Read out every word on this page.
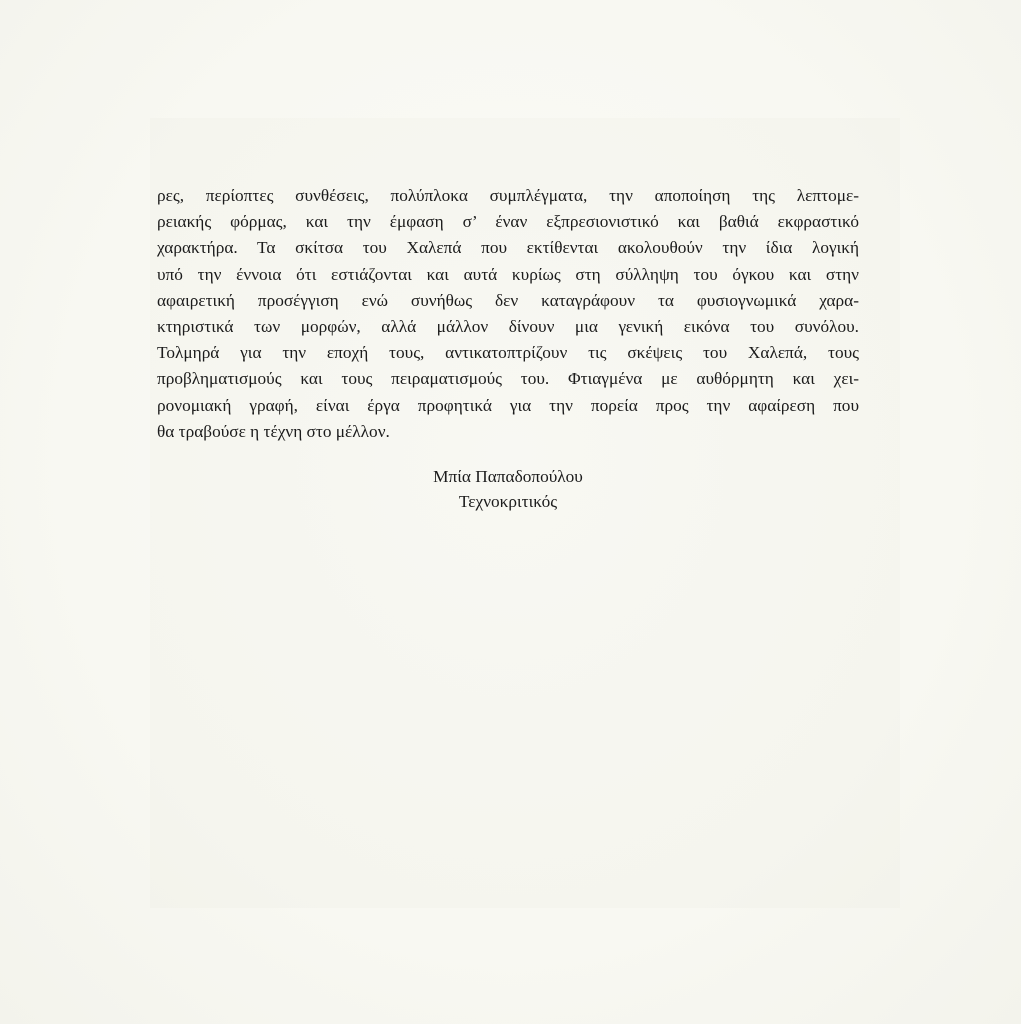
ρες, περίοπτες συνθέσεις, πολύπλοκα συμπλέγματα, την αποποίηση της λεπτομε-
ρειακής φόρμας, και την έμφαση σ’ έναν εξπρεσιονιστικό και βαθιά εκφραστικό
χαρακτήρα. Τα σκίτσα του Χαλεπά που εκτίθενται ακολουθούν την ίδια λογική
υπό την έννοια ότι εστιάζονται και αυτά κυρίως στη σύλληψη του όγκου και στην
αφαιρετική προσέγγιση ενώ συνήθως δεν καταγράφουν τα φυσιογνωμικά χαρα-
κτηριστικά των μορφών, αλλά μάλλον δίνουν μια γενική εικόνα του συνόλου.
Τολμηρά για την εποχή τους, αντικατοπτρίζουν τις σκέψεις του Χαλεπά, τους
προβληματισμούς και τους πειραματισμούς του. Φτιαγμένα με αυθόρμητη και χει-
ρονομιακή γραφή, είναι έργα προφητικά για την πορεία προς την αφαίρεση που
θα τραβούσε η τέχνη στο μέλλον.
Μπία Παπαδοπούλου
Τεχνοκριτικός
